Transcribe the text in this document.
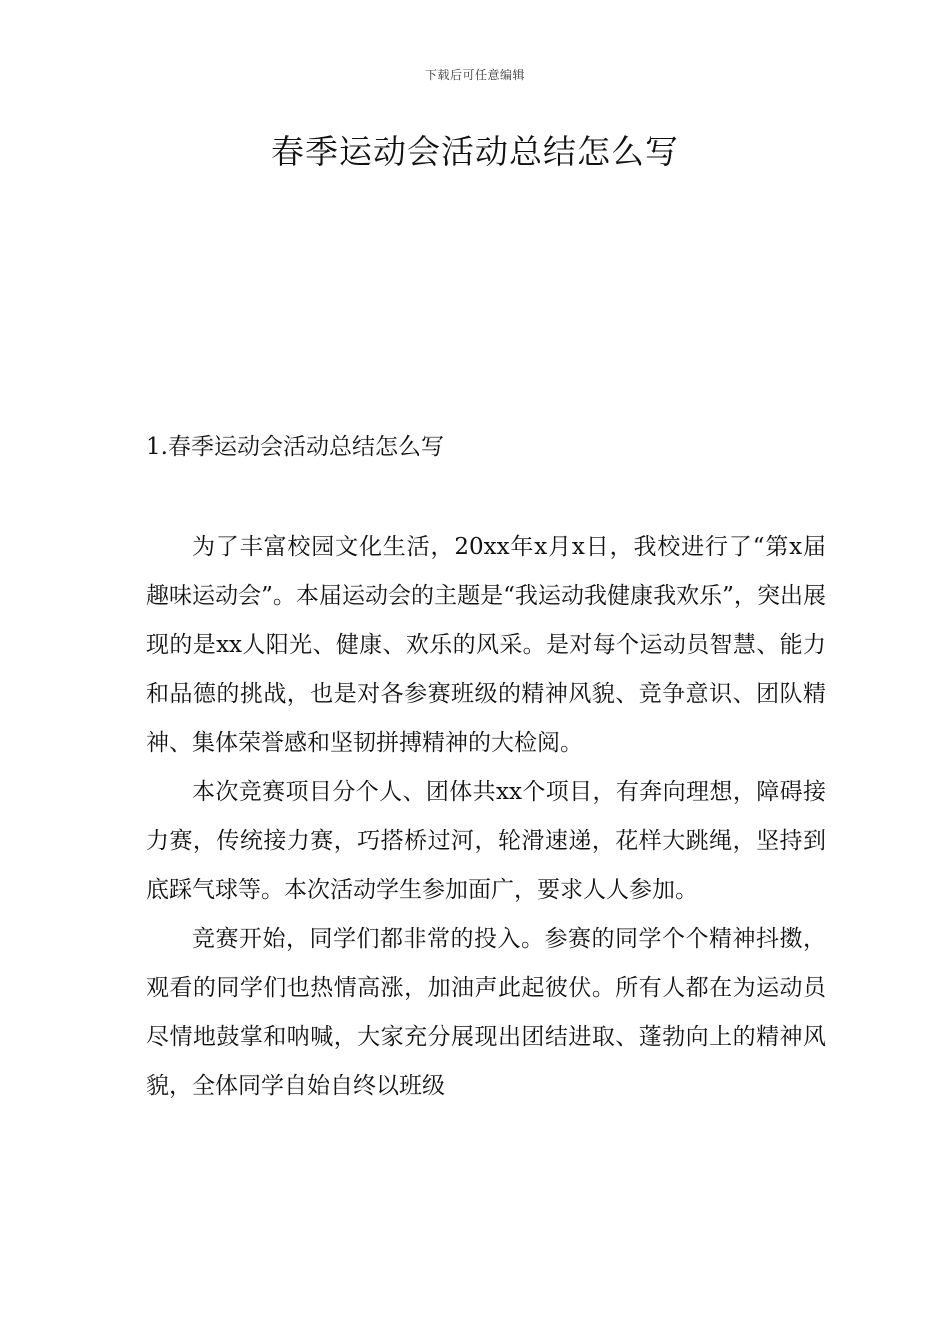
下载后可任意编辑
春季运动会活动总结怎么写
1.春季运动会活动总结怎么写

为了丰富校园文化生活，20xx年x月x日，我校进行了“第x届趣味运动会”。本届运动会的主题是“我运动我健康我欢乐”，突出展现的是xx人阳光、健康、欢乐的风采。是对每个运动员智慧、能力和品德的挑战，也是对各参赛班级的精神风貌、竞争意识、团队精神、集体荣誉感和坚韧拼搏精神的大检阅。

本次竞赛项目分个人、团体共xx个项目，有奔向理想，障碍接力赛，传统接力赛，巧搭桥过河，轮滑速递，花样大跳绳，坚持到底踩气球等。本次活动学生参加面广，要求人人参加。

竞赛开始，同学们都非常的投入。参赛的同学个个精神抖擞，观看的同学们也热情高涨，加油声此起彼伏。所有人都在为运动员尽情地鼓掌和呐喊，大家充分展现出团结进取、蓬勃向上的精神风貌，全体同学自始自终以班级
